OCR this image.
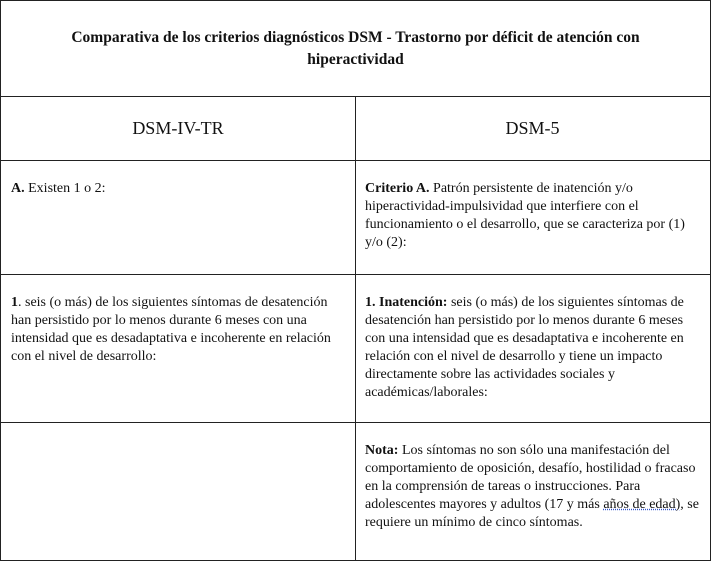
Comparativa de los criterios diagnósticos DSM - Trastorno por déficit de atención con hiperactividad
DSM-IV-TR	DSM-5
A. Existen 1 o 2:	Criterio A. Patrón persistente de inatención y/o hiperactividad-impulsividad que interfiere con el funcionamiento o el desarrollo, que se caracteriza por (1) y/o (2):
1. seis (o más) de los siguientes síntomas de desatención han persistido por lo menos durante 6 meses con una intensidad que es desadaptativa e incoherente en relación con el nivel de desarrollo:
1. Inatención: seis (o más) de los siguientes síntomas de desatención han persistido por lo menos durante 6 meses con una intensidad que es desadaptativa e incoherente en relación con el nivel de desarrollo y tiene un impacto directamente sobre las actividades sociales y académicas/laborales:
Nota: Los síntomas no son sólo una manifestación del comportamiento de oposición, desafío, hostilidad o fracaso en la comprensión de tareas o instrucciones. Para adolescentes mayores y adultos (17 y más años de edad), se requiere un mínimo de cinco síntomas.
